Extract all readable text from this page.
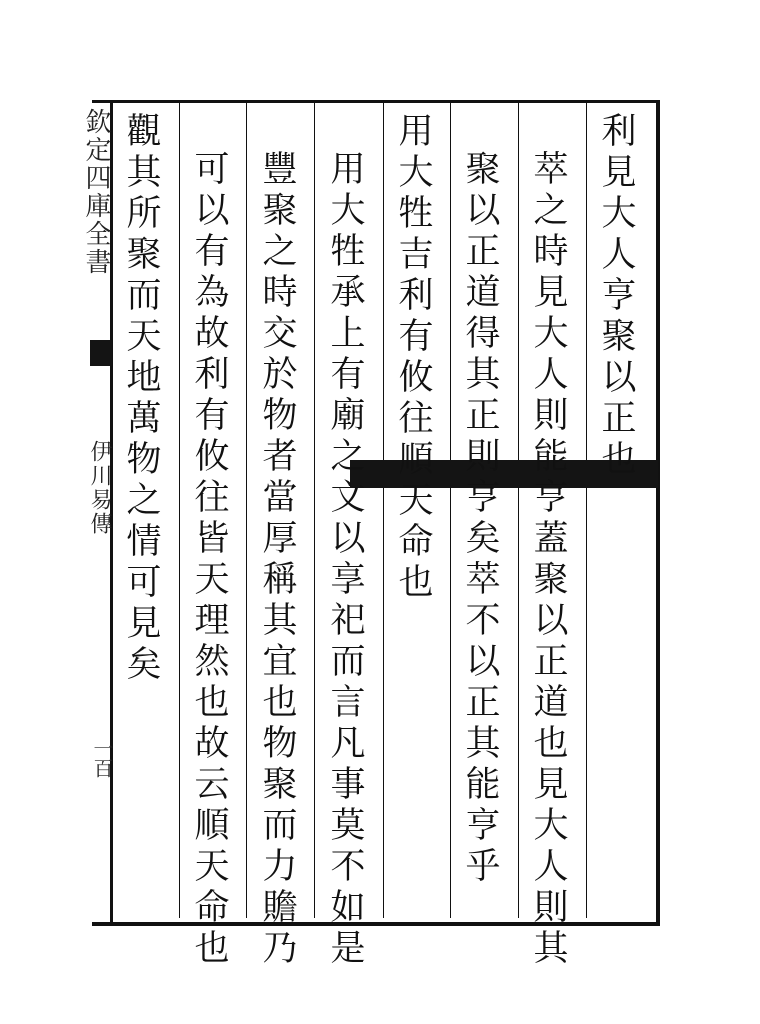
利見大人亨聚以正也
萃之時見大人則能亨蓋聚以正道也見大人則其
聚以正道得其正則亨矣萃不以正其能亨乎
用大牲吉利有攸往順天命也
用大牲承上有廟之文以享祀而言凡事莫不如是
豐聚之時交於物者當厚稱其宜也物聚而力贍乃
可以有為故利有攸往皆天理然也故云順天命也
觀其所聚而天地萬物之情可見矣
欽定四庫全書
伊川易傳
一百
